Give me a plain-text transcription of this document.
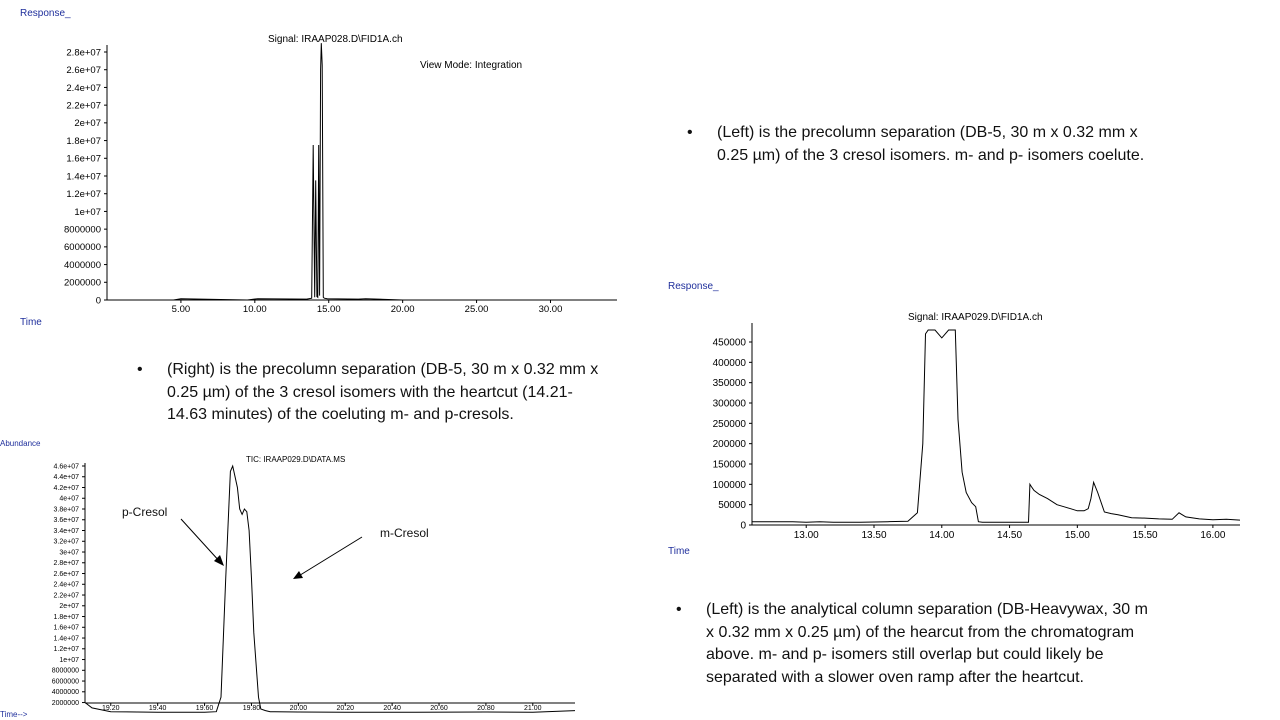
Response_
Time
Signal: IRAAP028.D\FID1A.ch
View Mode: Integration
0
2000000
4000000
6000000
8000000
1e+07
1.2e+07
1.4e+07
1.6e+07
1.8e+07
2e+07
2.2e+07
2.4e+07
2.6e+07
2.8e+07
5.00	10.00	15.00	20.00	25.00	30.00
Response_
Time
Signal: IRAAP029.D\FID1A.ch
0
50000
100000
150000
200000
250000
300000
350000
400000
450000
13.00	13.50	14.00	14.50	15.00	15.50	16.00
Abundance
Time-->
TIC: IRAAP029.D\DATA.MS
2000000
4000000
6000000
8000000
1e+07
1.2e+07
1.4e+07
1.6e+07
1.8e+07
2e+07
2.2e+07
2.4e+07
2.6e+07
2.8e+07
3e+07
3.2e+07
3.4e+07
3.6e+07
3.8e+07
4e+07
4.2e+07
4.4e+07
4.6e+07
19.20	19.40	19.60	19.80	20.00	20.20	20.40	20.60	20.80	21.00
p-Cresol
m-Cresol
• (Left) is the precolumn separation (DB-5, 30 m x 0.32 mm x
0.25 µm) of the 3 cresol isomers. m- and p- isomers coelute.
• (Right) is the precolumn separation (DB-5, 30 m x 0.32 mm x
0.25 µm) of the 3 cresol isomers with the heartcut (14.21-
14.63 minutes) of the coeluting m- and p-cresols.
• (Left) is the analytical column separation (DB-Heavywax, 30 m
x 0.32 mm x 0.25 µm) of the hearcut from the chromatogram
above. m- and p- isomers still overlap but could likely be
separated with a slower oven ramp after the heartcut.
